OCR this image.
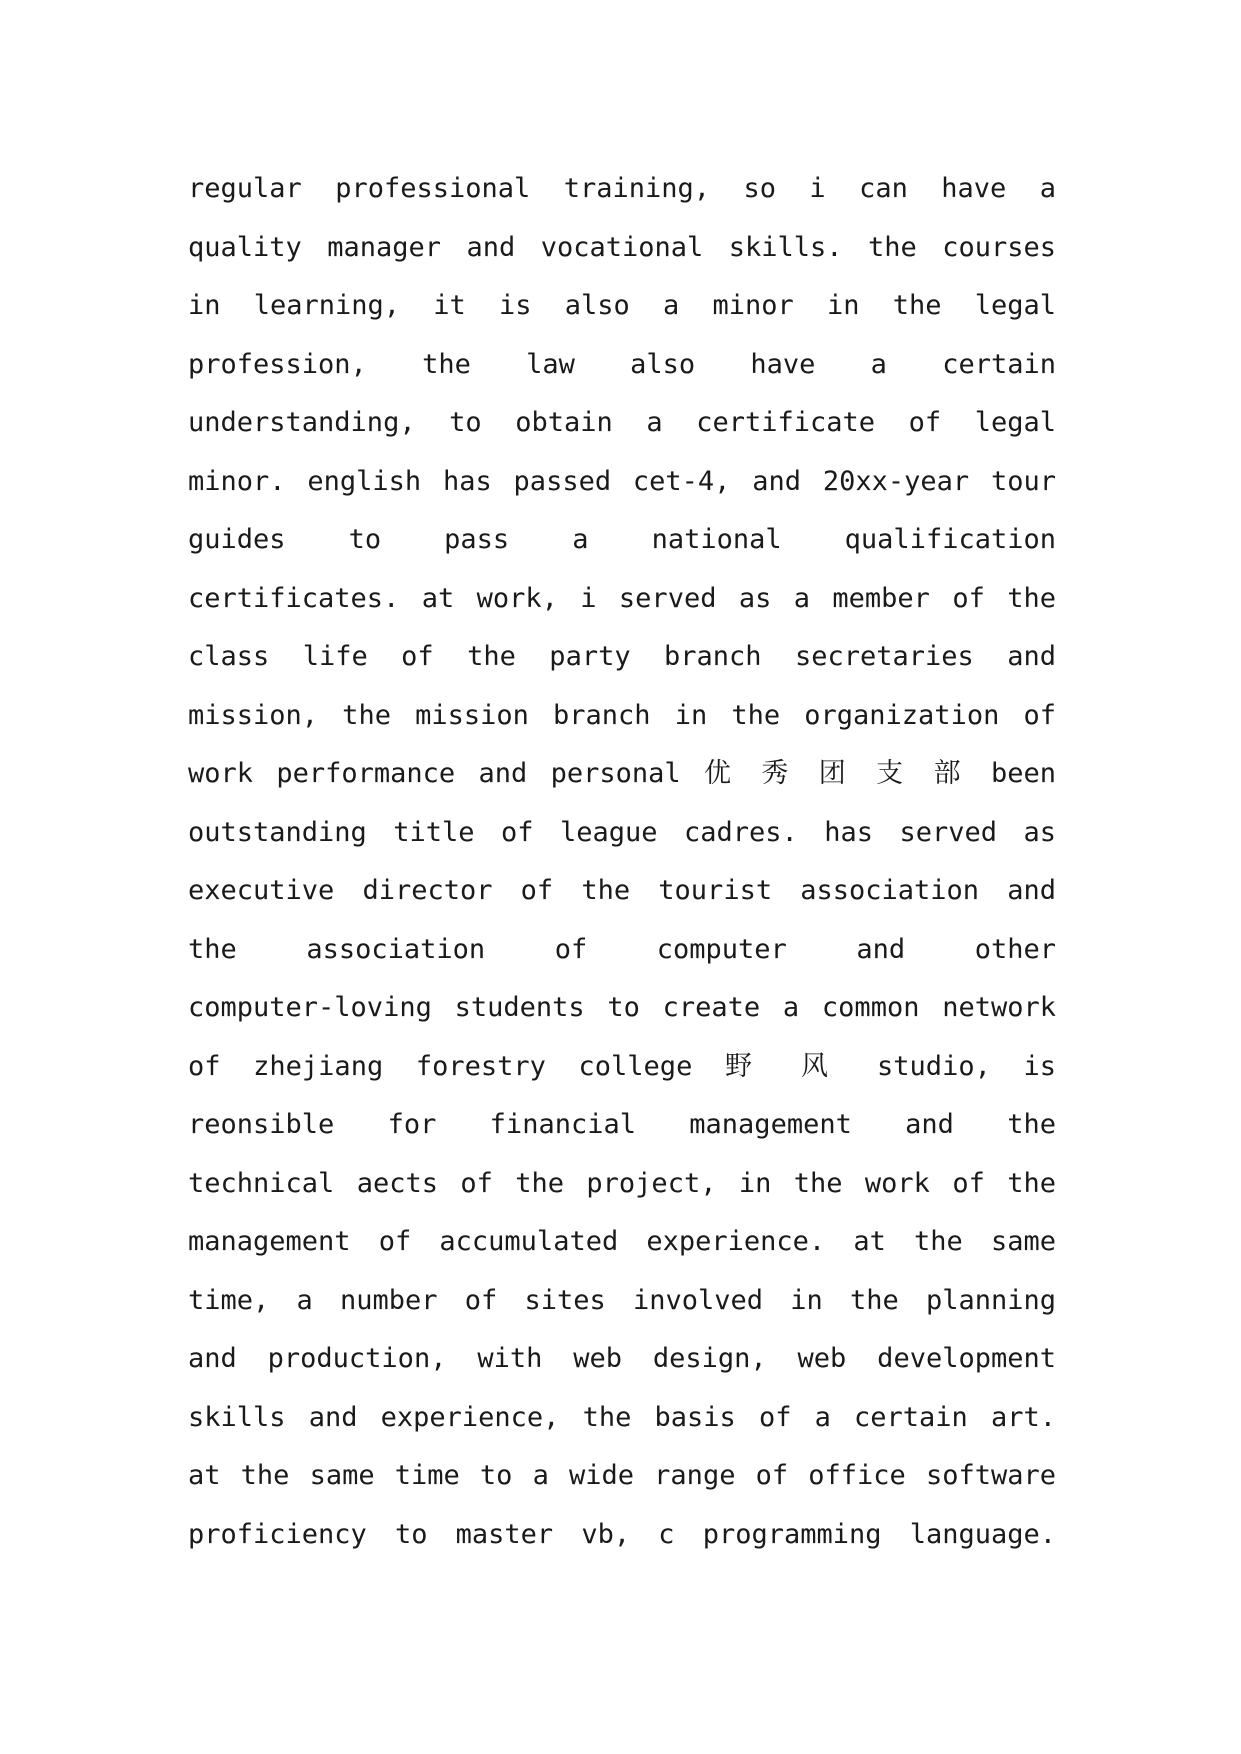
regular professional training, so i can have a
quality manager and vocational skills. the courses
in learning, it is also a minor in the legal
profession, the law also have a certain
understanding, to obtain a certificate of legal
minor. english has passed cet-4, and 20xx-year tour
guides to pass a national qualification
certificates. at work, i served as a member of the
class life of the party branch secretaries and
mission, the mission branch in the organization of
work performance and personal 优 秀 团 支 部 been
outstanding title of league cadres. has served as
executive director of the tourist association and
the association of computer and other
computer-loving students to create a common network
of zhejiang forestry college 野 风 studio, is
reonsible for financial management and the
technical aects of the project, in the work of the
management of accumulated experience. at the same
time, a number of sites involved in the planning
and production, with web design, web development
skills and experience, the basis of a certain art.
at the same time to a wide range of office software
proficiency to master vb, c programming language.
